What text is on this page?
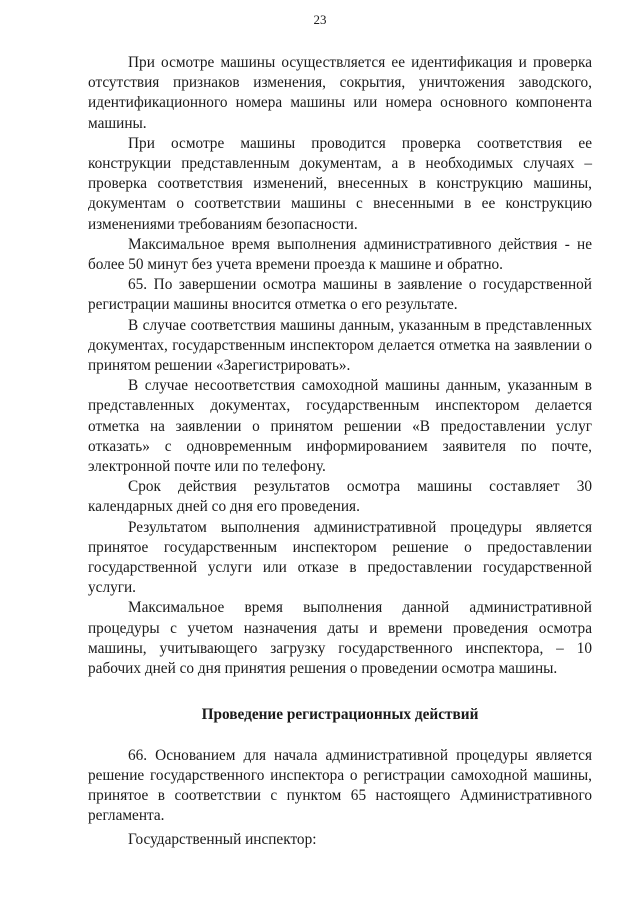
23

При осмотре машины осуществляется ее идентификация и проверка отсутствия признаков изменения, сокрытия, уничтожения заводского, идентификационного номера машины или номера основного компонента машины.

При осмотре машины проводится проверка соответствия ее конструкции представленным документам, а в необходимых случаях – проверка соответствия изменений, внесенных в конструкцию машины, документам о соответствии машины с внесенными в ее конструкцию изменениями требованиям безопасности.

Максимальное время выполнения административного действия - не более 50 минут без учета времени проезда к машине и обратно.

65. По завершении осмотра машины в заявление о государственной регистрации машины вносится отметка о его результате.

В случае соответствия машины данным, указанным в представленных документах, государственным инспектором делается отметка на заявлении о принятом решении «Зарегистрировать».

В случае несоответствия самоходной машины данным, указанным в представленных документах, государственным инспектором делается отметка на заявлении о принятом решении «В предоставлении услуг отказать» с одновременным информированием заявителя по почте, электронной почте или по телефону.

Срок действия результатов осмотра машины составляет 30 календарных дней со дня его проведения.

Результатом выполнения административной процедуры является принятое государственным инспектором решение о предоставлении государственной услуги или отказе в предоставлении государственной услуги.

Максимальное время выполнения данной административной процедуры с учетом назначения даты и времени проведения осмотра машины, учитывающего загрузку государственного инспектора, – 10 рабочих дней со дня принятия решения о проведении осмотра машины.

Проведение регистрационных действий

66. Основанием для начала административной процедуры является решение государственного инспектора о регистрации самоходной машины, принятое в соответствии с пунктом 65 настоящего Административного регламента.

Государственный инспектор:
